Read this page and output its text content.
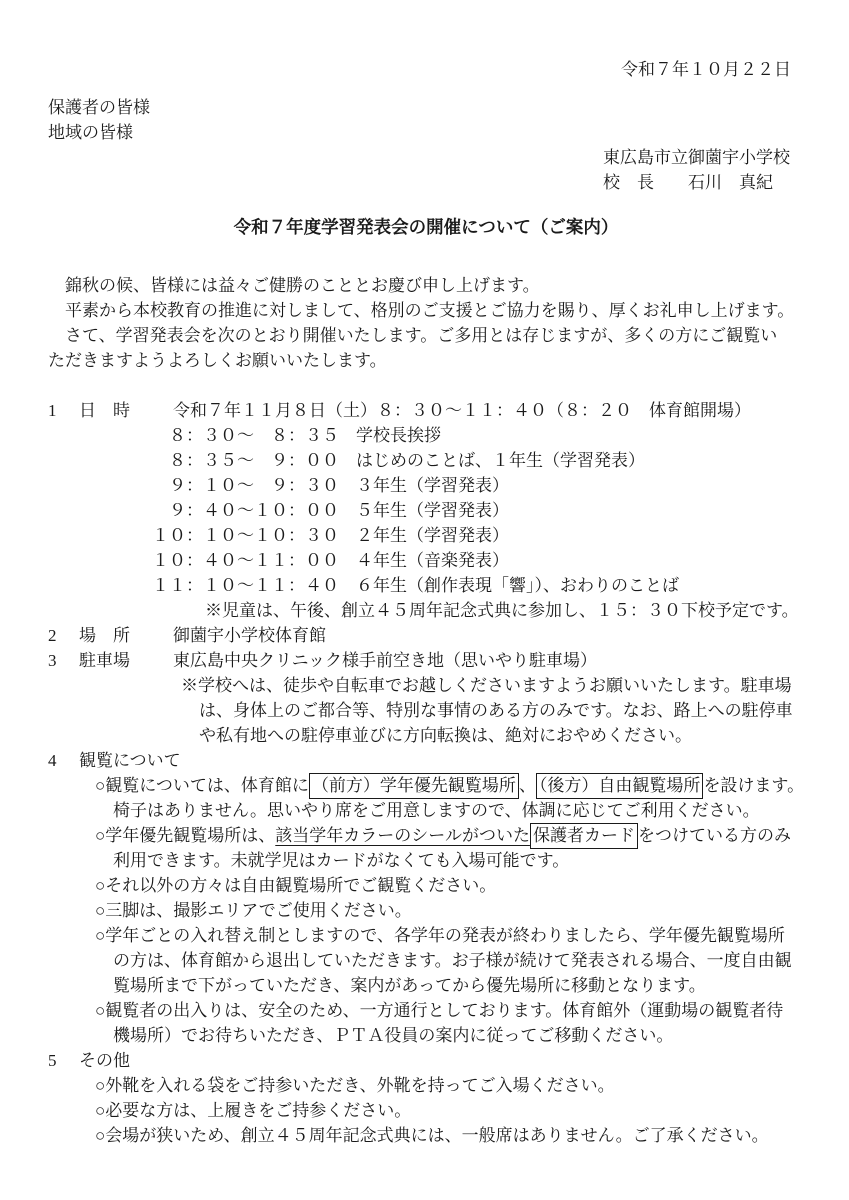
令和７年１０月２２日
保護者の皆様
地域の皆様
東広島市立御薗宇小学校
校　長　　石川　真紀
令和７年度学習発表会の開催について（ご案内）
　錦秋の候、皆様には益々ご健勝のこととお慶び申し上げます。
　平素から本校教育の推進に対しまして、格別のご支援とご協力を賜り、厚くお礼申し上げます。
　さて、学習発表会を次のとおり開催いたします。ご多用とは存じますが、多くの方にご観覧い
ただきますようよろしくお願いいたします。
1	日　時	令和７年１１月８日（土）８：３０～１１：４０（８：２０　体育館開場）
　８：３０～　８：３５　学校長挨拶
　８：３５～　９：００　はじめのことば、１年生（学習発表）
　９：１０～　９：３０　３年生（学習発表）
　９：４０～１０：００　５年生（学習発表）
１０：１０～１０：３０　２年生（学習発表）
１０：４０～１１：００　４年生（音楽発表）
１１：１０～１１：４０　６年生（創作表現「響」）、おわりのことば
※児童は、午後、創立４５周年記念式典に参加し、１５：３０下校予定です。
2	場　所	御薗宇小学校体育館
3	駐車場	東広島中央クリニック様手前空き地（思いやり駐車場）
※学校へは、徒歩や自転車でお越しくださいますようお願いいたします。駐車場
は、身体上のご都合等、特別な事情のある方のみです。なお、路上への駐停車
や私有地への駐停車並びに方向転換は、絶対におやめください。
4	観覧について
○観覧については、体育館に （前方）学年優先観覧場所 、 （後方）自由観覧場所 を設けます。
椅子はありません。思いやり席をご用意しますので、体調に応じてご利用ください。
○学年優先観覧場所は、該当学年カラーのシールがついた 保護者カード をつけている方のみ
利用できます。未就学児はカードがなくても入場可能です。
○それ以外の方々は自由観覧場所でご観覧ください。
○三脚は、撮影エリアでご使用ください。
○学年ごとの入れ替え制としますので、各学年の発表が終わりましたら、学年優先観覧場所
の方は、体育館から退出していただきます。お子様が続けて発表される場合、一度自由観
覧場所まで下がっていただき、案内があってから優先場所に移動となります。
○観覧者の出入りは、安全のため、一方通行としております。体育館外（運動場の観覧者待
機場所）でお待ちいただき、ＰＴＡ役員の案内に従ってご移動ください。
5	その他
○外靴を入れる袋をご持参いただき、外靴を持ってご入場ください。
○必要な方は、上履きをご持参ください。
○会場が狭いため、創立４５周年記念式典には、一般席はありません。ご了承ください。
